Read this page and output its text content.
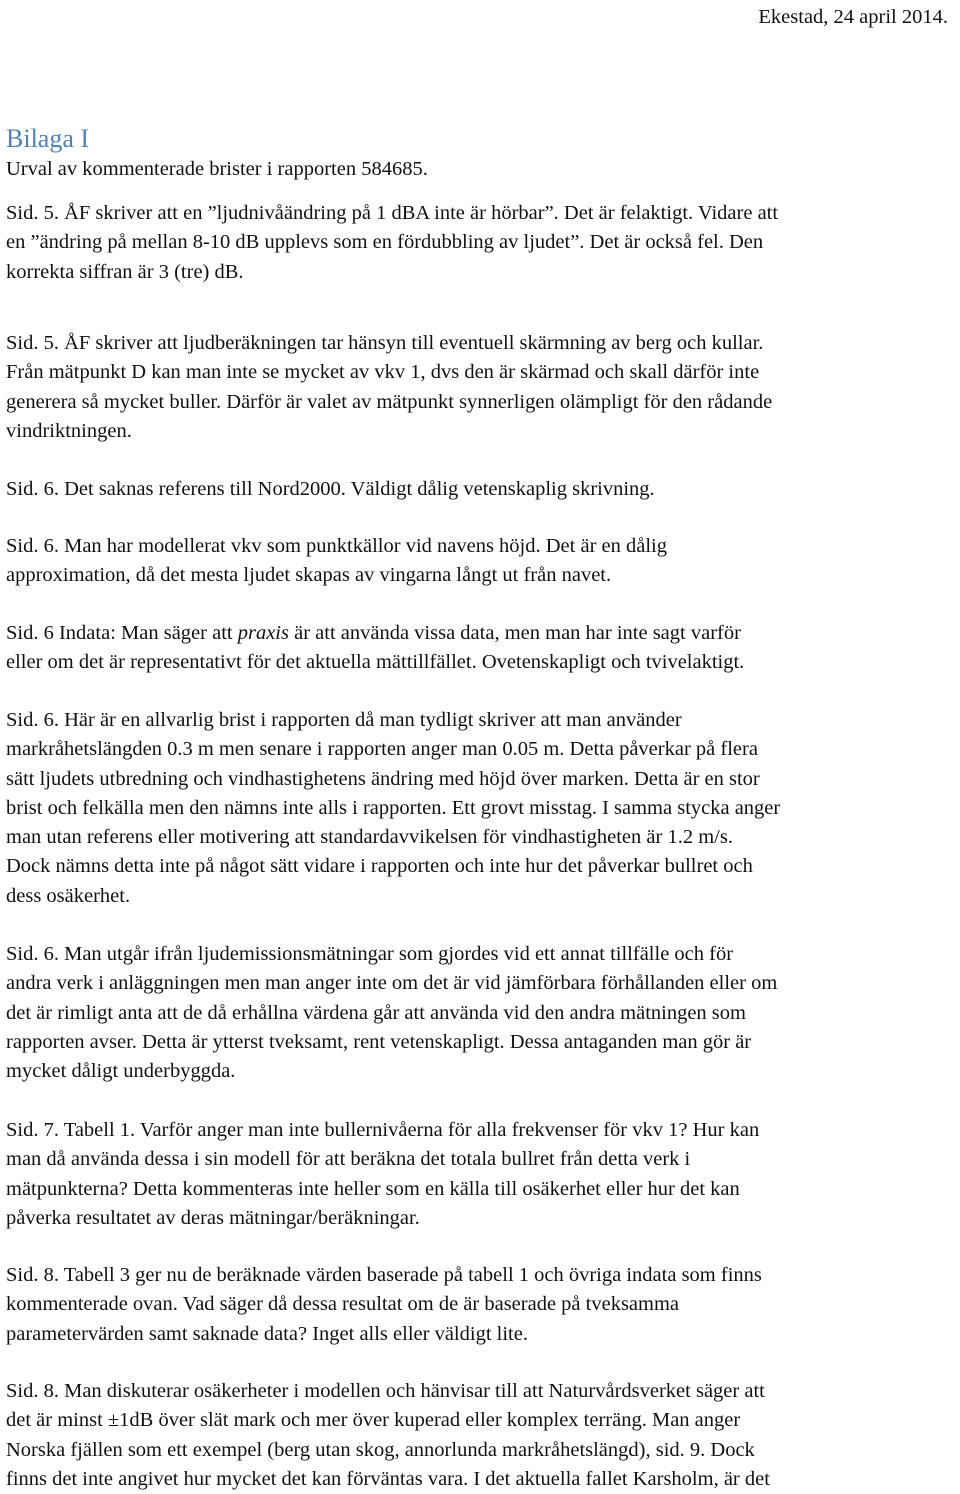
Ekestad, 24 april 2014.
Bilaga I
Urval av kommenterade brister i rapporten 584685.
Sid. 5. ÅF skriver att en ”ljudnivåändring på 1 dBA inte är hörbar”. Det är felaktigt. Vidare att
en ”ändring på mellan 8-10 dB upplevs som en fördubbling av ljudet”. Det är också fel. Den
korrekta siffran är 3 (tre) dB.
Sid. 5. ÅF skriver att ljudberäkningen tar hänsyn till eventuell skärmning av berg och kullar.
Från mätpunkt D kan man inte se mycket av vkv 1, dvs den är skärmad och skall därför inte
generera så mycket buller. Därför är valet av mätpunkt synnerligen olämpligt för den rådande
vindriktningen.
Sid. 6. Det saknas referens till Nord2000. Väldigt dålig vetenskaplig skrivning.
Sid. 6. Man har modellerat vkv som punktkällor vid navens höjd. Det är en dålig
approximation, då det mesta ljudet skapas av vingarna långt ut från navet.
Sid. 6 Indata: Man säger att praxis är att använda vissa data, men man har inte sagt varför
eller om det är representativt för det aktuella mättillfället. Ovetenskapligt och tvivelaktigt.
Sid. 6. Här är en allvarlig brist i rapporten då man tydligt skriver att man använder
markråhetslängden 0.3 m men senare i rapporten anger man 0.05 m. Detta påverkar på flera
sätt ljudets utbredning och vindhastighetens ändring med höjd över marken. Detta är en stor
brist och felkälla men den nämns inte alls i rapporten. Ett grovt misstag. I samma stycka anger
man utan referens eller motivering att standardavvikelsen för vindhastigheten är 1.2 m/s.
Dock nämns detta inte på något sätt vidare i rapporten och inte hur det påverkar bullret och
dess osäkerhet.
Sid. 6. Man utgår ifrån ljudemissionsmätningar som gjordes vid ett annat tillfälle och för
andra verk i anläggningen men man anger inte om det är vid jämförbara förhållanden eller om
det är rimligt anta att de då erhållna värdena går att använda vid den andra mätningen som
rapporten avser. Detta är ytterst tveksamt, rent vetenskapligt. Dessa antaganden man gör är
mycket dåligt underbyggda.
Sid. 7. Tabell 1. Varför anger man inte bullernivåerna för alla frekvenser för vkv 1? Hur kan
man då använda dessa i sin modell för att beräkna det totala bullret från detta verk i
mätpunkterna? Detta kommenteras inte heller som en källa till osäkerhet eller hur det kan
påverka resultatet av deras mätningar/beräkningar.
Sid. 8. Tabell 3 ger nu de beräknade värden baserade på tabell 1 och övriga indata som finns
kommenterade ovan. Vad säger då dessa resultat om de är baserade på tveksamma
parametervärden samt saknade data? Inget alls eller väldigt lite.
Sid. 8. Man diskuterar osäkerheter i modellen och hänvisar till att Naturvårdsverket säger att
det är minst ±1dB över slät mark och mer över kuperad eller komplex terräng. Man anger
Norska fjällen som ett exempel (berg utan skog, annorlunda markråhetslängd), sid. 9. Dock
finns det inte angivet hur mycket det kan förväntas vara. I det aktuella fallet Karsholm, är det
